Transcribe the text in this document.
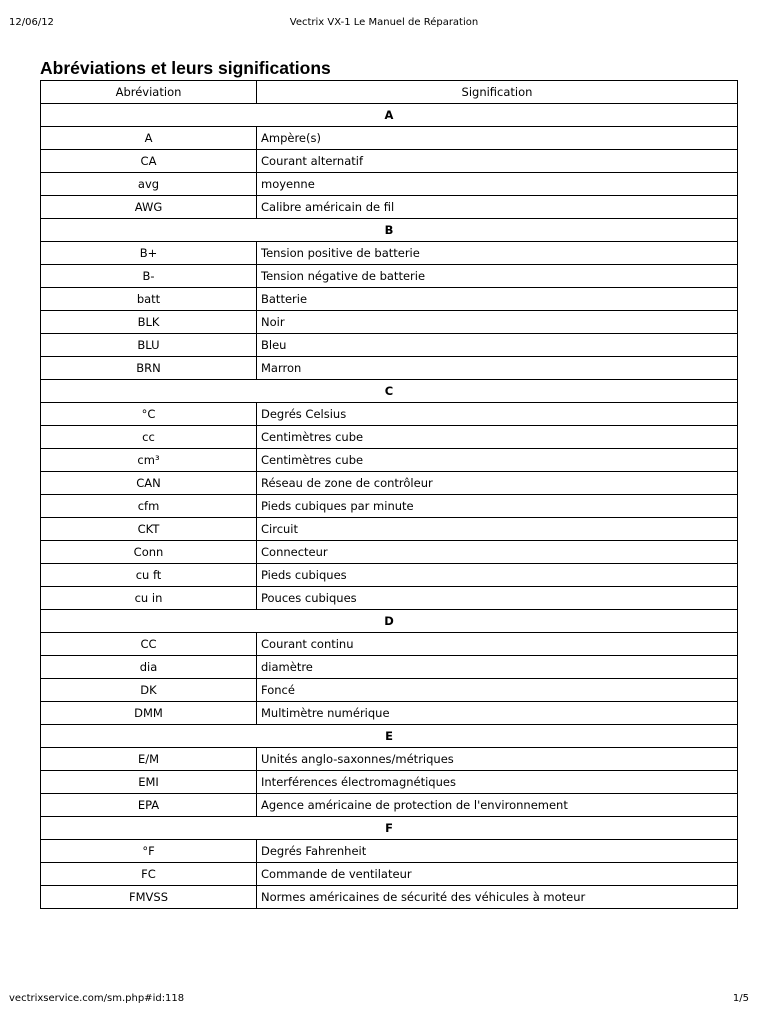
12/06/12	Vectrix VX-1 Le Manuel de Réparation
Abréviations et leurs significations
Abréviation	Signification
A	
A	Ampère(s)
CA	Courant alternatif
avg	moyenne
AWG	Calibre américain de fil
B	
B+	Tension positive de batterie
B-	Tension négative de batterie
batt	Batterie
BLK	Noir
BLU	Bleu
BRN	Marron
C	
°C	Degrés Celsius
cc	Centimètres cube
cm³	Centimètres cube
CAN	Réseau de zone de contrôleur
cfm	Pieds cubiques par minute
CKT	Circuit
Conn	Connecteur
cu ft	Pieds cubiques
cu in	Pouces cubiques
D	
CC	Courant continu
dia	diamètre
DK	Foncé
DMM	Multimètre numérique
E	
E/M	Unités anglo-saxonnes/métriques
EMI	Interférences électromagnétiques
EPA	Agence américaine de protection de l'environnement
F	
°F	Degrés Fahrenheit
FC	Commande de ventilateur
FMVSS	Normes américaines de sécurité des véhicules à moteur
vectrixservice.com/sm.php#id:118	1/5
